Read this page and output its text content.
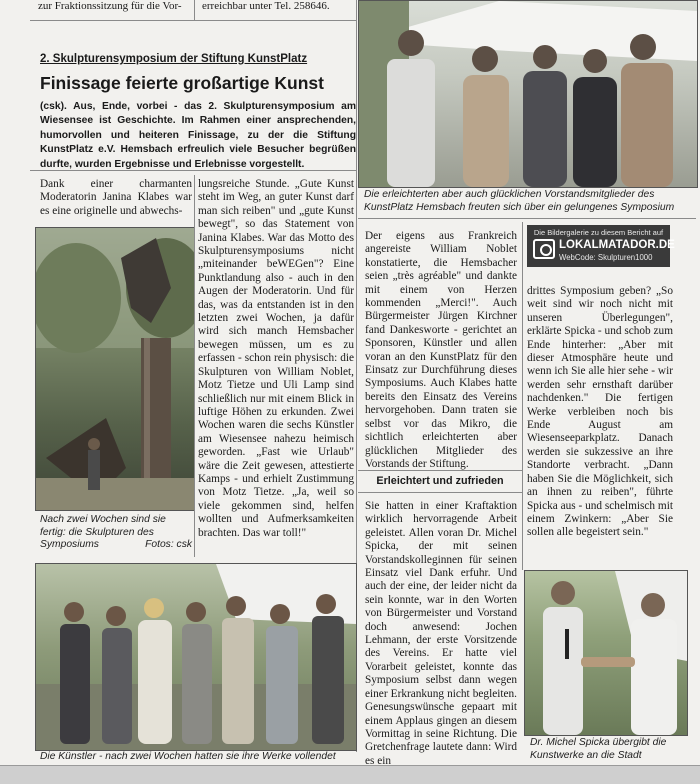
zur Fraktionssitzung für die Vor-	erreichbar unter Tel. 258646.
2. Skulpturensymposium der Stiftung KunstPlatz
Finissage feierte großartige Kunst
(csk). Aus, Ende, vorbei - das 2. Skulpturensymposium am Wiesensee ist Geschichte. Im Rahmen einer ansprechenden, humorvollen und heiteren Finissage, zu der die Stiftung KunstPlatz e.V. Hemsbach erfreulich viele Besucher begrüßen durfte, wurden Ergebnisse und Erlebnisse vorgestellt.

Dank einer charmanten Moderatorin Janina Klabes war es eine originelle und abwechs-

Nach zwei Wochen sind sie fertig: die Skulpturen des Symposiums	Fotos: csk

lungsreiche Stunde. „Gute Kunst steht im Weg, an guter Kunst darf man sich reiben" und „gute Kunst bewegt", so das Statement von Janina Klabes. War das Motto des Skulpturensymposiums nicht „miteinander beWEGen"? Eine Punktlandung also - auch in den Augen der Moderatorin. Und für das, was da entstanden ist in den letzten zwei Wochen, ja dafür wird sich manch Hemsbacher bewegen müssen, um es zu erfassen - schon rein physisch: die Skulpturen von William Noblet, Motz Tietze und Uli Lamp sind schließlich nur mit einem Blick in luftige Höhen zu erkunden. Zwei Wochen waren die sechs Künstler am Wiesensee nahezu heimisch geworden. „Fast wie Urlaub" wäre die Zeit gewesen, attestierte Kamps - und erhielt Zustimmung von Motz Tietze. „Ja, weil so viele gekommen sind, helfen wollten und Aufmerksamkeiten brachten. Das war toll!"

Die erleichterten aber auch glücklichen Vorstandsmitglieder des KunstPlatz Hemsbach freuten sich über ein gelungenes Symposium

Der eigens aus Frankreich angereiste William Noblet konstatierte, die Hemsbacher seien „très agréable" und dankte mit einem von Herzen kommenden „Merci!". Auch Bürgermeister Jürgen Kirchner fand Dankesworte - gerichtet an Sponsoren, Künstler und allen voran an den KunstPlatz für den Einsatz zur Durchführung dieses Symposiums. Auch Klabes hatte bereits den Einsatz des Vereins hervorgehoben. Dann traten sie selbst vor das Mikro, die sichtlich erleichterten aber glücklichen Mitglieder des Vorstands der Stiftung.

Erleichtert und zufrieden

Sie hatten in einer Kraftaktion wirklich hervorragende Arbeit geleistet. Allen voran Dr. Michel Spicka, der mit seinen Vorstandskolleginnen für seinen Einsatz viel Dank erfuhr. Und auch der eine, der leider nicht da sein konnte, war in den Worten von Bürgermeister und Vorstand doch anwesend: Jochen Lehmann, der erste Vorsitzende des Vereins. Er hatte viel Vorarbeit geleistet, konnte das Symposium selbst dann wegen einer Erkrankung nicht begleiten. Genesungswünsche gepaart mit einem Applaus gingen an diesem Vormittag in seine Richtung. Die Gretchenfrage lautete dann: Wird es ein

Die Bildergalerie zu diesem Bericht auf
LOKALMATADOR.DE
WebCode: Skulpturen1000

drittes Symposium geben? „So weit sind wir noch nicht mit unseren Überlegungen", erklärte Spicka - und schob zum Ende hinterher: „Aber mit dieser Atmosphäre heute und wenn ich Sie alle hier sehe - wir werden sehr ernsthaft darüber nachdenken." Die fertigen Werke verbleiben noch bis Ende August am Wiesenseeparkplatz. Danach werden sie sukzessive an ihre Standorte verbracht. „Dann haben Sie die Möglichkeit, sich an ihnen zu reiben", führte Spicka aus - und schelmisch mit einem Zwinkern: „Aber Sie sollen alle begeistert sein."

Die Künstler - nach zwei Wochen hatten sie ihre Werke vollendet
Dr. Michel Spicka übergibt die Kunstwerke an die Stadt
